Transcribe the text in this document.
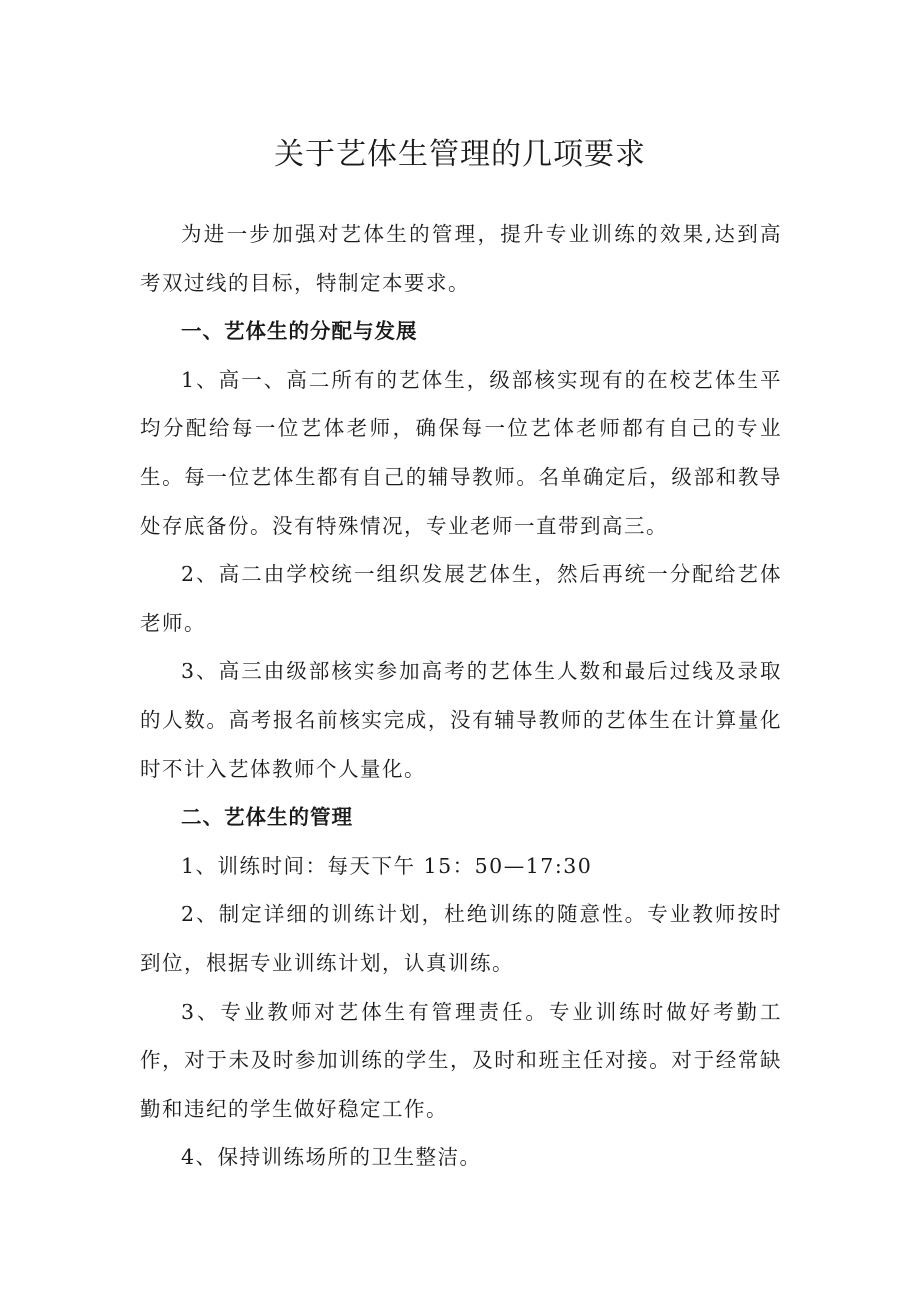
关于艺体生管理的几项要求

为进一步加强对艺体生的管理，提升专业训练的效果,达到高考双过线的目标，特制定本要求。

一、艺体生的分配与发展

1、高一、高二所有的艺体生，级部核实现有的在校艺体生平均分配给每一位艺体老师，确保每一位艺体老师都有自己的专业生。每一位艺体生都有自己的辅导教师。名单确定后，级部和教导处存底备份。没有特殊情况，专业老师一直带到高三。

2、高二由学校统一组织发展艺体生，然后再统一分配给艺体老师。

3、高三由级部核实参加高考的艺体生人数和最后过线及录取的人数。高考报名前核实完成，没有辅导教师的艺体生在计算量化时不计入艺体教师个人量化。

二、艺体生的管理

1、训练时间：每天下午 15：50—17:30

2、制定详细的训练计划，杜绝训练的随意性。专业教师按时到位，根据专业训练计划，认真训练。

3、专业教师对艺体生有管理责任。专业训练时做好考勤工作，对于未及时参加训练的学生，及时和班主任对接。对于经常缺勤和违纪的学生做好稳定工作。

4、保持训练场所的卫生整洁。
